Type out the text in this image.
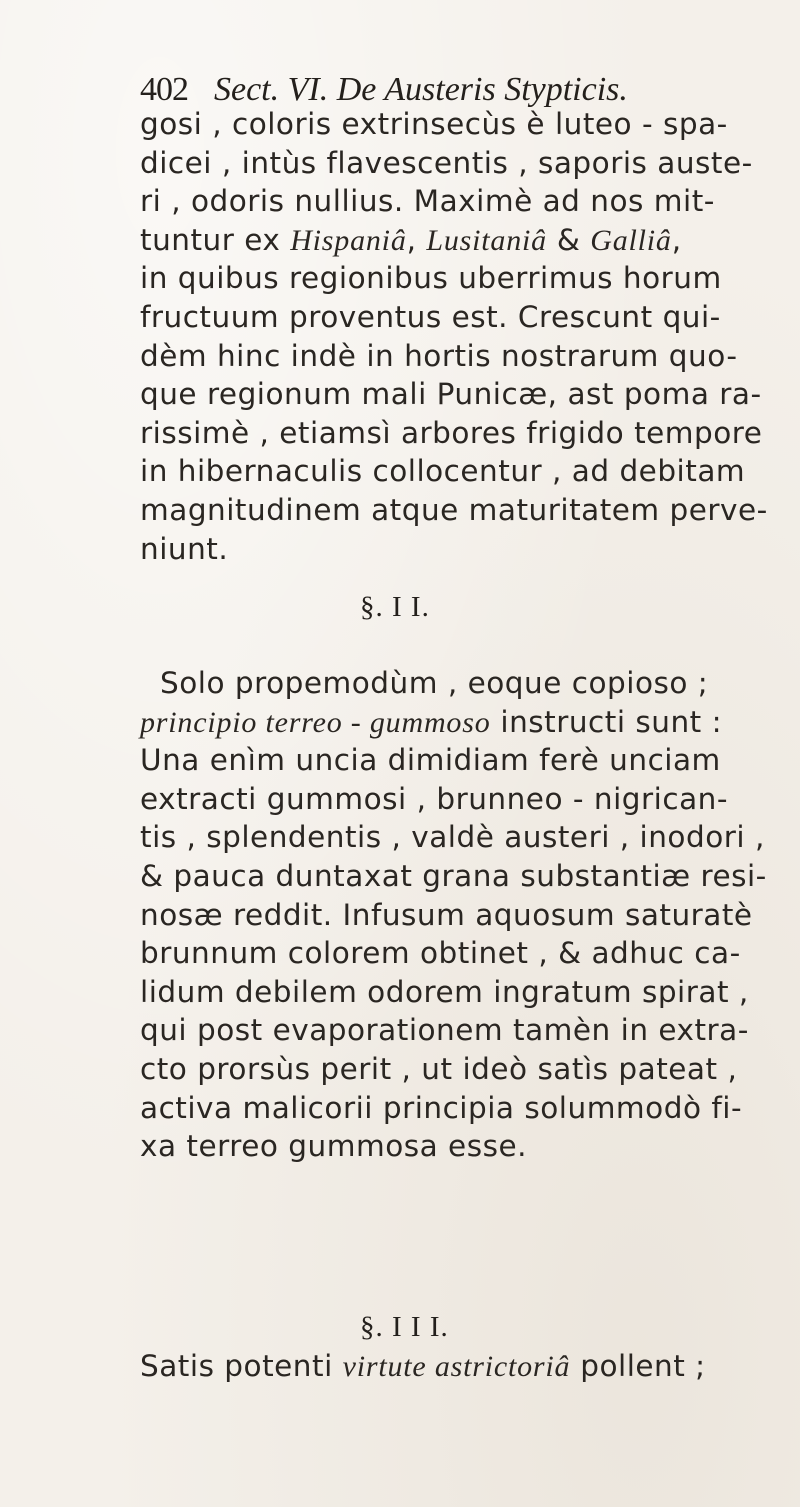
402 Sect. VI. De Austeris Stypticis.
gosi , coloris extrinsecùs è luteo - spa-
dicei , intùs flavescentis , saporis auste-
ri , odoris nullius. Maximè ad nos mit-
tuntur ex Hispaniâ, Lusitaniâ & Galliâ,
in quibus regionibus uberrimus horum
fructuum proventus est. Crescunt qui-
dèm hinc indè in hortis nostrarum quo-
que regionum mali Punicæ, ast poma ra-
rissimè , etiamsì arbores frigido tempore
in hibernaculis collocentur , ad debitam
magnitudinem atque maturitatem perve-
niunt.
§. I I.
Solo propemodùm , eoque copioso ;
principio terreo - gummoso instructi sunt :
Una enìm uncia dimidiam ferè unciam
extracti gummosi , brunneo - nigrican-
tis , splendentis , valdè austeri , inodori ,
& pauca duntaxat grana substantiæ resi-
nosæ reddit. Infusum aquosum saturatè
brunnum colorem obtinet , & adhuc ca-
lidum debilem odorem ingratum spirat ,
qui post evaporationem tamèn in extra-
cto prorsùs perit , ut ideò satìs pateat ,
activa malicorii principia solummodò fi-
xa terreo gummosa esse.
§. I I I.
Satis potenti virtute astrictoriâ pollent ;
